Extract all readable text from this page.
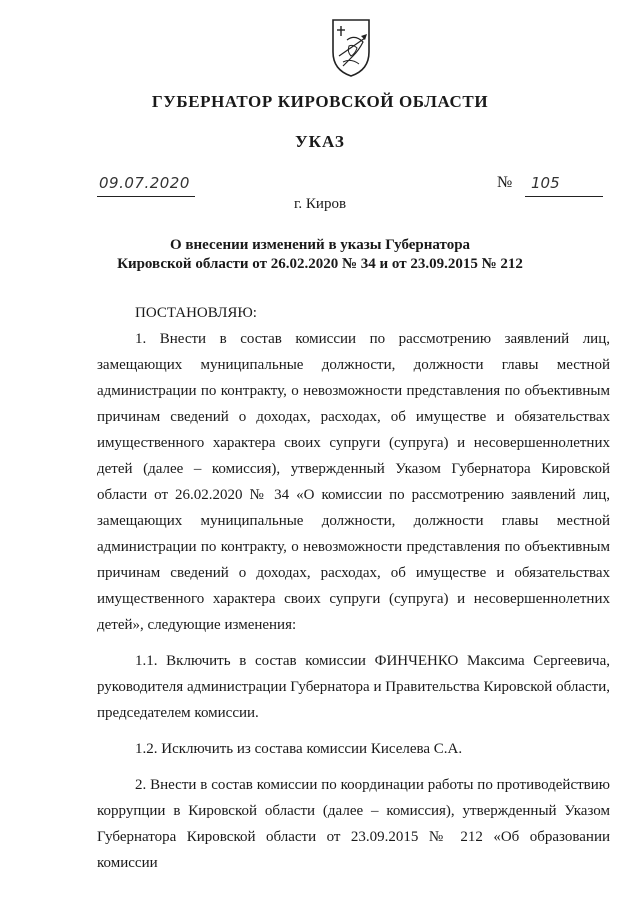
ГУБЕРНАТОР КИРОВСКОЙ ОБЛАСТИ
УКАЗ
09.07.2020	№ 105
г. Киров
О внесении изменений в указы Губернатора
Кировской области от 26.02.2020 № 34 и от 23.09.2015 № 212

ПОСТАНОВЛЯЮ:

1. Внести в состав комиссии по рассмотрению заявлений лиц, замещающих муниципальные должности, должности главы местной администрации по контракту, о невозможности представления по объективным причинам сведений о доходах, расходах, об имуществе и обязательствах имущественного характера своих супруги (супруга) и несовершеннолетних детей (далее – комиссия), утвержденный Указом Губернатора Кировской области от 26.02.2020 № 34 «О комиссии по рассмотрению заявлений лиц, замещающих муниципальные должности, должности главы местной администрации по контракту, о невозможности представления по объективным причинам сведений о доходах, расходах, об имуществе и обязательствах имущественного характера своих супруги (супруга) и несовершеннолетних детей», следующие изменения:

1.1. Включить в состав комиссии ФИНЧЕНКО Максима Сергеевича, руководителя администрации Губернатора и Правительства Кировской области, председателем комиссии.

1.2. Исключить из состава комиссии Киселева С.А.

2. Внести в состав комиссии по координации работы по противодействию коррупции в Кировской области (далее – комиссия), утвержденный Указом Губернатора Кировской области от 23.09.2015 № 212 «Об образовании комиссии
